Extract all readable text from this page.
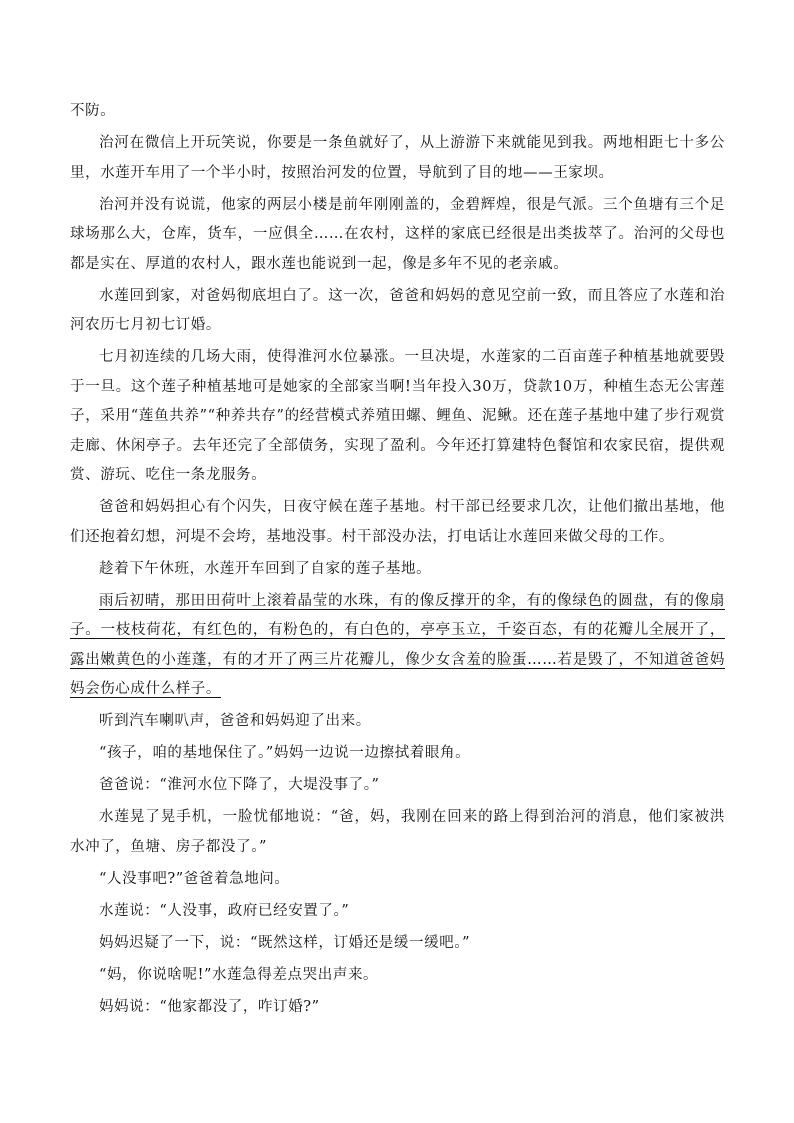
不防。

治河在微信上开玩笑说，你要是一条鱼就好了，从上游游下来就能见到我。两地相距七十多公里，水莲开车用了一个半小时，按照治河发的位置，导航到了目的地——王家坝。

治河并没有说谎，他家的两层小楼是前年刚刚盖的，金碧辉煌，很是气派。三个鱼塘有三个足球场那么大，仓库，货车，一应俱全……在农村，这样的家底已经很是出类拔萃了。治河的父母也都是实在、厚道的农村人，跟水莲也能说到一起，像是多年不见的老亲戚。

水莲回到家，对爸妈彻底坦白了。这一次，爸爸和妈妈的意见空前一致，而且答应了水莲和治河农历七月初七订婚。

七月初连续的几场大雨，使得淮河水位暴涨。一旦决堤，水莲家的二百亩莲子种植基地就要毁于一旦。这个莲子种植基地可是她家的全部家当啊!当年投入30万，贷款10万，种植生态无公害莲子，采用“莲鱼共养”“种养共存”的经营模式养殖田螺、鲤鱼、泥鳅。还在莲子基地中建了步行观赏走廊、休闲亭子。去年还完了全部债务，实现了盈利。今年还打算建特色餐馆和农家民宿，提供观赏、游玩、吃住一条龙服务。

爸爸和妈妈担心有个闪失，日夜守候在莲子基地。村干部已经要求几次，让他们撤出基地，他们还抱着幻想，河堤不会垮，基地没事。村干部没办法，打电话让水莲回来做父母的工作。

趁着下午休班，水莲开车回到了自家的莲子基地。

雨后初晴，那田田荷叶上滚着晶莹的水珠，有的像反撑开的伞，有的像绿色的圆盘，有的像扇子。一枝枝荷花，有红色的，有粉色的，有白色的，亭亭玉立，千姿百态，有的花瓣儿全展开了，露出嫩黄色的小莲蓬，有的才开了两三片花瓣儿，像少女含羞的脸蛋……若是毁了，不知道爸爸妈妈会伤心成什么样子。

听到汽车喇叭声，爸爸和妈妈迎了出来。

“孩子，咱的基地保住了。”妈妈一边说一边擦拭着眼角。

爸爸说：“淮河水位下降了，大堤没事了。”

水莲晃了晃手机，一脸忧郁地说：“爸，妈，我刚在回来的路上得到治河的消息，他们家被洪水冲了，鱼塘、房子都没了。”

“人没事吧?”爸爸着急地问。

水莲说：“人没事，政府已经安置了。”

妈妈迟疑了一下，说：“既然这样，订婚还是缓一缓吧。”

“妈，你说啥呢!”水莲急得差点哭出声来。

妈妈说：“他家都没了，咋订婚?”
